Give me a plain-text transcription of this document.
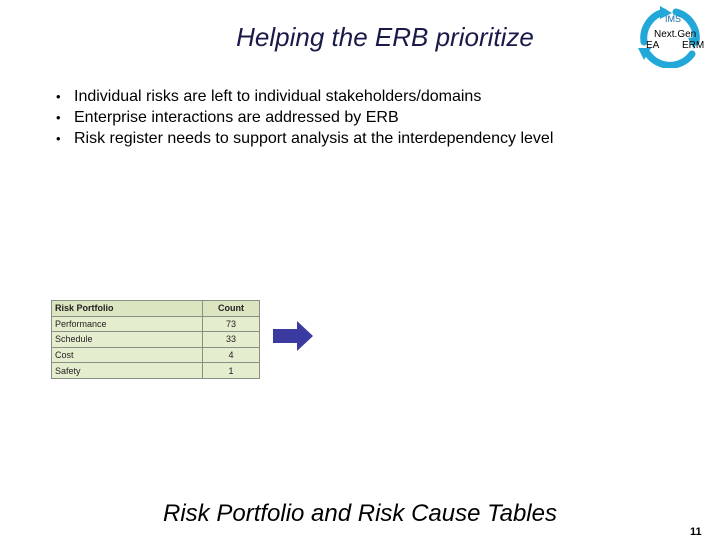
Helping the ERB prioritize
IMS
Next.Gen
EA ERM
• Individual risks are left to individual stakeholders/domains
• Enterprise interactions are addressed by ERB
• Risk register needs to support analysis at the interdependency level
Risk Portfolio	Count
Performance	73
Schedule	33
Cost	4
Safety	1
Risk Portfolio and Risk Cause Tables
11
